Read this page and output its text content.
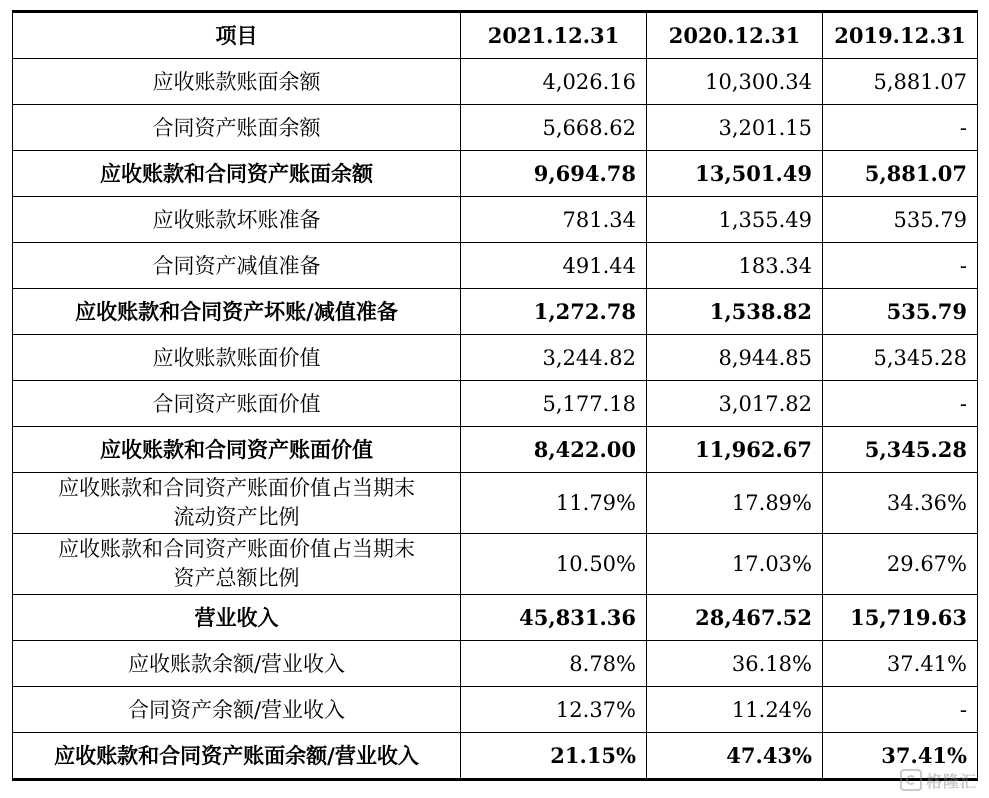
项目	2021.12.31	2020.12.31	2019.12.31

应收账款账面余额	4,026.16	10,300.34	5,881.07

合同资产账面余额	5,668.62	3,201.15	-

应收账款和合同资产账面余额	9,694.78	13,501.49	5,881.07

应收账款坏账准备	781.34	1,355.49	535.79

合同资产减值准备	491.44	183.34	-

应收账款和合同资产坏账/减值准备	1,272.78	1,538.82	535.79

应收账款账面价值	3,244.82	8,944.85	5,345.28

合同资产账面价值	5,177.18	3,017.82	-

应收账款和合同资产账面价值	8,422.00	11,962.67	5,345.28

应收账款和合同资产账面价值占当期末
流动资产比例	11.79%	17.89%	34.36%

应收账款和合同资产账面价值占当期末
资产总额比例	10.50%	17.03%	29.67%

营业收入	45,831.36	28,467.52	15,719.63

应收账款余额/营业收入	8.78%	36.18%	37.41%

合同资产余额/营业收入	12.37%	11.24%	-

应收账款和合同资产账面余额/营业收入	21.15%	47.43%	37.41%
格隆汇
